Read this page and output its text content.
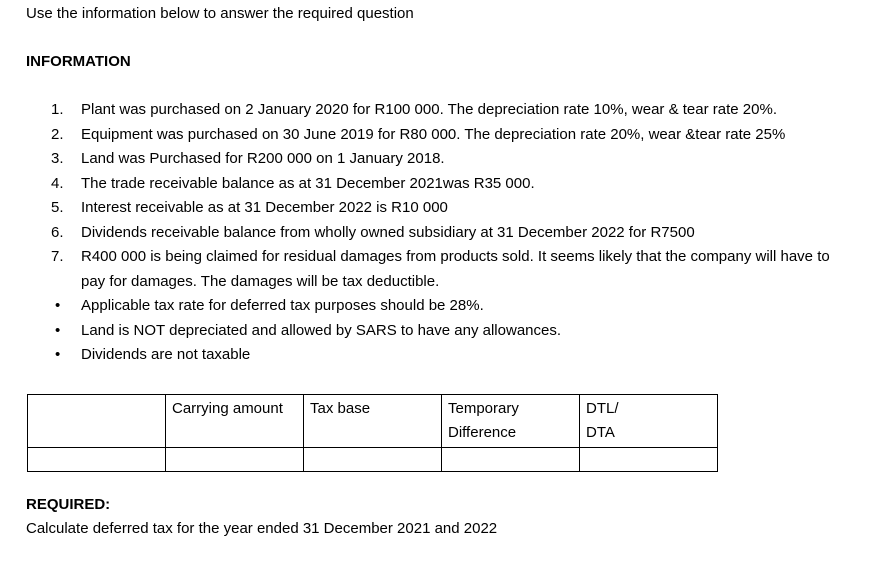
Use the information below to answer the required question
INFORMATION
1.	Plant was purchased on 2 January 2020 for R100 000. The depreciation rate 10%, wear & tear rate 20%.
2.	Equipment was purchased on 30 June 2019 for R80 000. The depreciation rate 20%, wear &tear rate 25%
3.	Land was Purchased for R200 000 on 1 January 2018.
4.	The trade receivable balance as at 31 December 2021was R35 000.
5.	Interest receivable as at 31 December 2022 is R10 000
6.	Dividends receivable balance from wholly owned subsidiary at 31 December 2022 for R7500
7.	R400 000 is being claimed for residual damages from products sold. It seems likely that the company will have to pay for damages. The damages will be tax deductible.
•	Applicable tax rate for deferred tax purposes should be 28%.
•	Land is NOT depreciated and allowed by SARS to have any allowances.
•	Dividends are not taxable

	Carrying amount	Tax base	Temporary Difference	DTL/ DTA

REQUIRED:
Calculate deferred tax for the year ended 31 December 2021 and 2022
